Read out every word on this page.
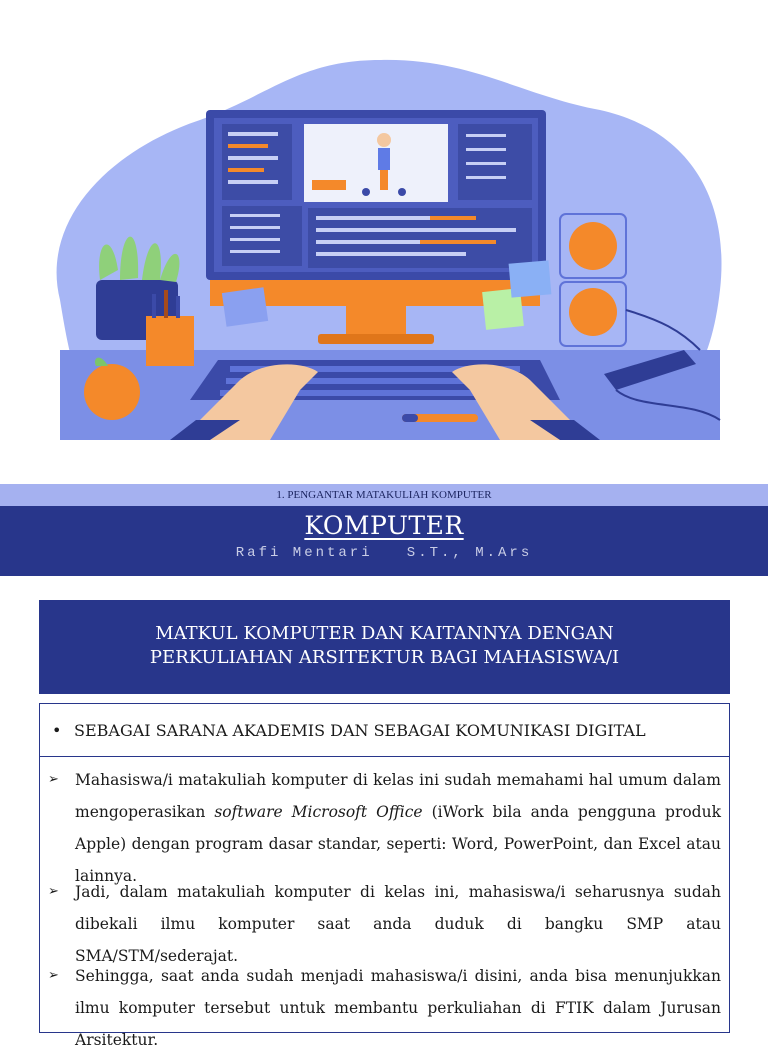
1. PENGANTAR MATAKULIAH KOMPUTER
KOMPUTER
Rafi Mentari   S.T., M.Ars
MATKUL KOMPUTER DAN KAITANNYA DENGAN
PERKULIAHAN ARSITEKTUR BAGI MAHASISWA/I
• SEBAGAI SARANA AKADEMIS DAN SEBAGAI KOMUNIKASI DIGITAL
➢	Mahasiswa/i matakuliah komputer di kelas ini sudah memahami hal umum dalam mengoperasikan software Microsoft Office (iWork bila anda pengguna produk Apple) dengan program dasar standar, seperti: Word, PowerPoint, dan Excel atau lainnya.
➢	Jadi, dalam matakuliah komputer di kelas ini, mahasiswa/i seharusnya sudah dibekali ilmu komputer saat anda duduk di bangku SMP atau SMA/STM/sederajat.
➢	Sehingga, saat anda sudah menjadi mahasiswa/i disini, anda bisa menunjukkan ilmu komputer tersebut untuk membantu perkuliahan di FTIK dalam Jurusan Arsitektur.
